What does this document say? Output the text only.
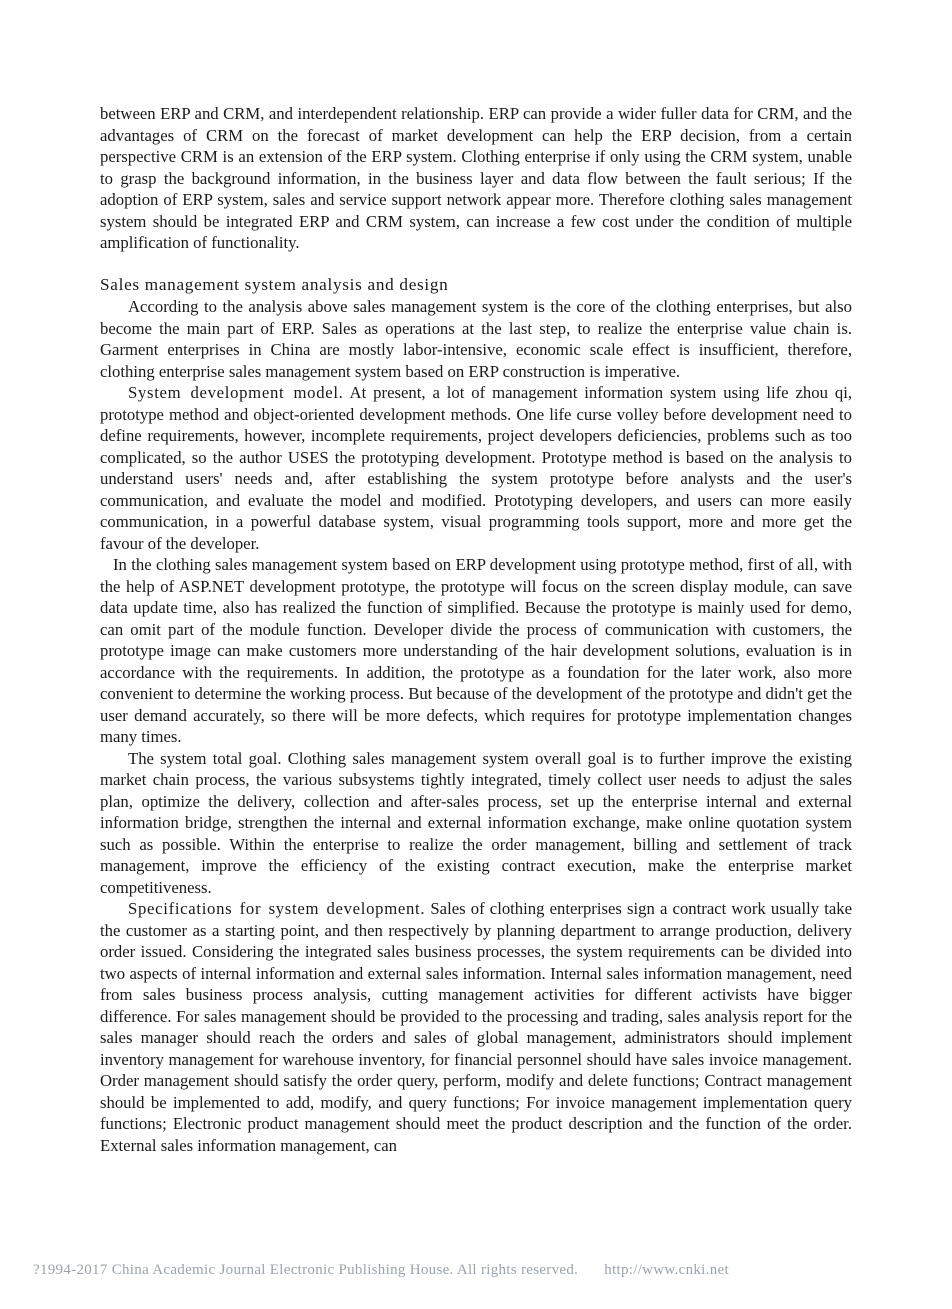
between ERP and CRM, and interdependent relationship. ERP can provide a wider fuller data for CRM, and the advantages of CRM on the forecast of market development can help the ERP decision, from a certain perspective CRM is an extension of the ERP system. Clothing enterprise if only using the CRM system, unable to grasp the background information, in the business layer and data flow between the fault serious; If the adoption of ERP system, sales and service support network appear more. Therefore clothing sales management system should be integrated ERP and CRM system, can increase a few cost under the condition of multiple amplification of functionality.

Sales management system analysis and design

According to the analysis above sales management system is the core of the clothing enterprises, but also become the main part of ERP. Sales as operations at the last step, to realize the enterprise value chain is. Garment enterprises in China are mostly labor-intensive, economic scale effect is insufficient, therefore, clothing enterprise sales management system based on ERP construction is imperative.

System development model. At present, a lot of management information system using life zhou qi, prototype method and object-oriented development methods. One life curse volley before development need to define requirements, however, incomplete requirements, project developers deficiencies, problems such as too complicated, so the author USES the prototyping development. Prototype method is based on the analysis to understand users' needs and, after establishing the system prototype before analysts and the user's communication, and evaluate the model and modified. Prototyping developers, and users can more easily communication, in a powerful database system, visual programming tools support, more and more get the favour of the developer.

In the clothing sales management system based on ERP development using prototype method, first of all, with the help of ASP.NET development prototype, the prototype will focus on the screen display module, can save data update time, also has realized the function of simplified. Because the prototype is mainly used for demo, can omit part of the module function. Developer divide the process of communication with customers, the prototype image can make customers more understanding of the hair development solutions, evaluation is in accordance with the requirements. In addition, the prototype as a foundation for the later work, also more convenient to determine the working process. But because of the development of the prototype and didn't get the user demand accurately, so there will be more defects, which requires for prototype implementation changes many times.

The system total goal. Clothing sales management system overall goal is to further improve the existing market chain process, the various subsystems tightly integrated, timely collect user needs to adjust the sales plan, optimize the delivery, collection and after-sales process, set up the enterprise internal and external information bridge, strengthen the internal and external information exchange, make online quotation system such as possible. Within the enterprise to realize the order management, billing and settlement of track management, improve the efficiency of the existing contract execution, make the enterprise market competitiveness.

Specifications for system development. Sales of clothing enterprises sign a contract work usually take the customer as a starting point, and then respectively by planning department to arrange production, delivery order issued. Considering the integrated sales business processes, the system requirements can be divided into two aspects of internal information and external sales information. Internal sales information management, need from sales business process analysis, cutting management activities for different activists have bigger difference. For sales management should be provided to the processing and trading, sales analysis report for the sales manager should reach the orders and sales of global management, administrators should implement inventory management for warehouse inventory, for financial personnel should have sales invoice management. Order management should satisfy the order query, perform, modify and delete functions; Contract management should be implemented to add, modify, and query functions; For invoice management implementation query functions; Electronic product management should meet the product description and the function of the order. External sales information management, can

?1994-2017 China Academic Journal Electronic Publishing House. All rights reserved. http://www.cnki.net
